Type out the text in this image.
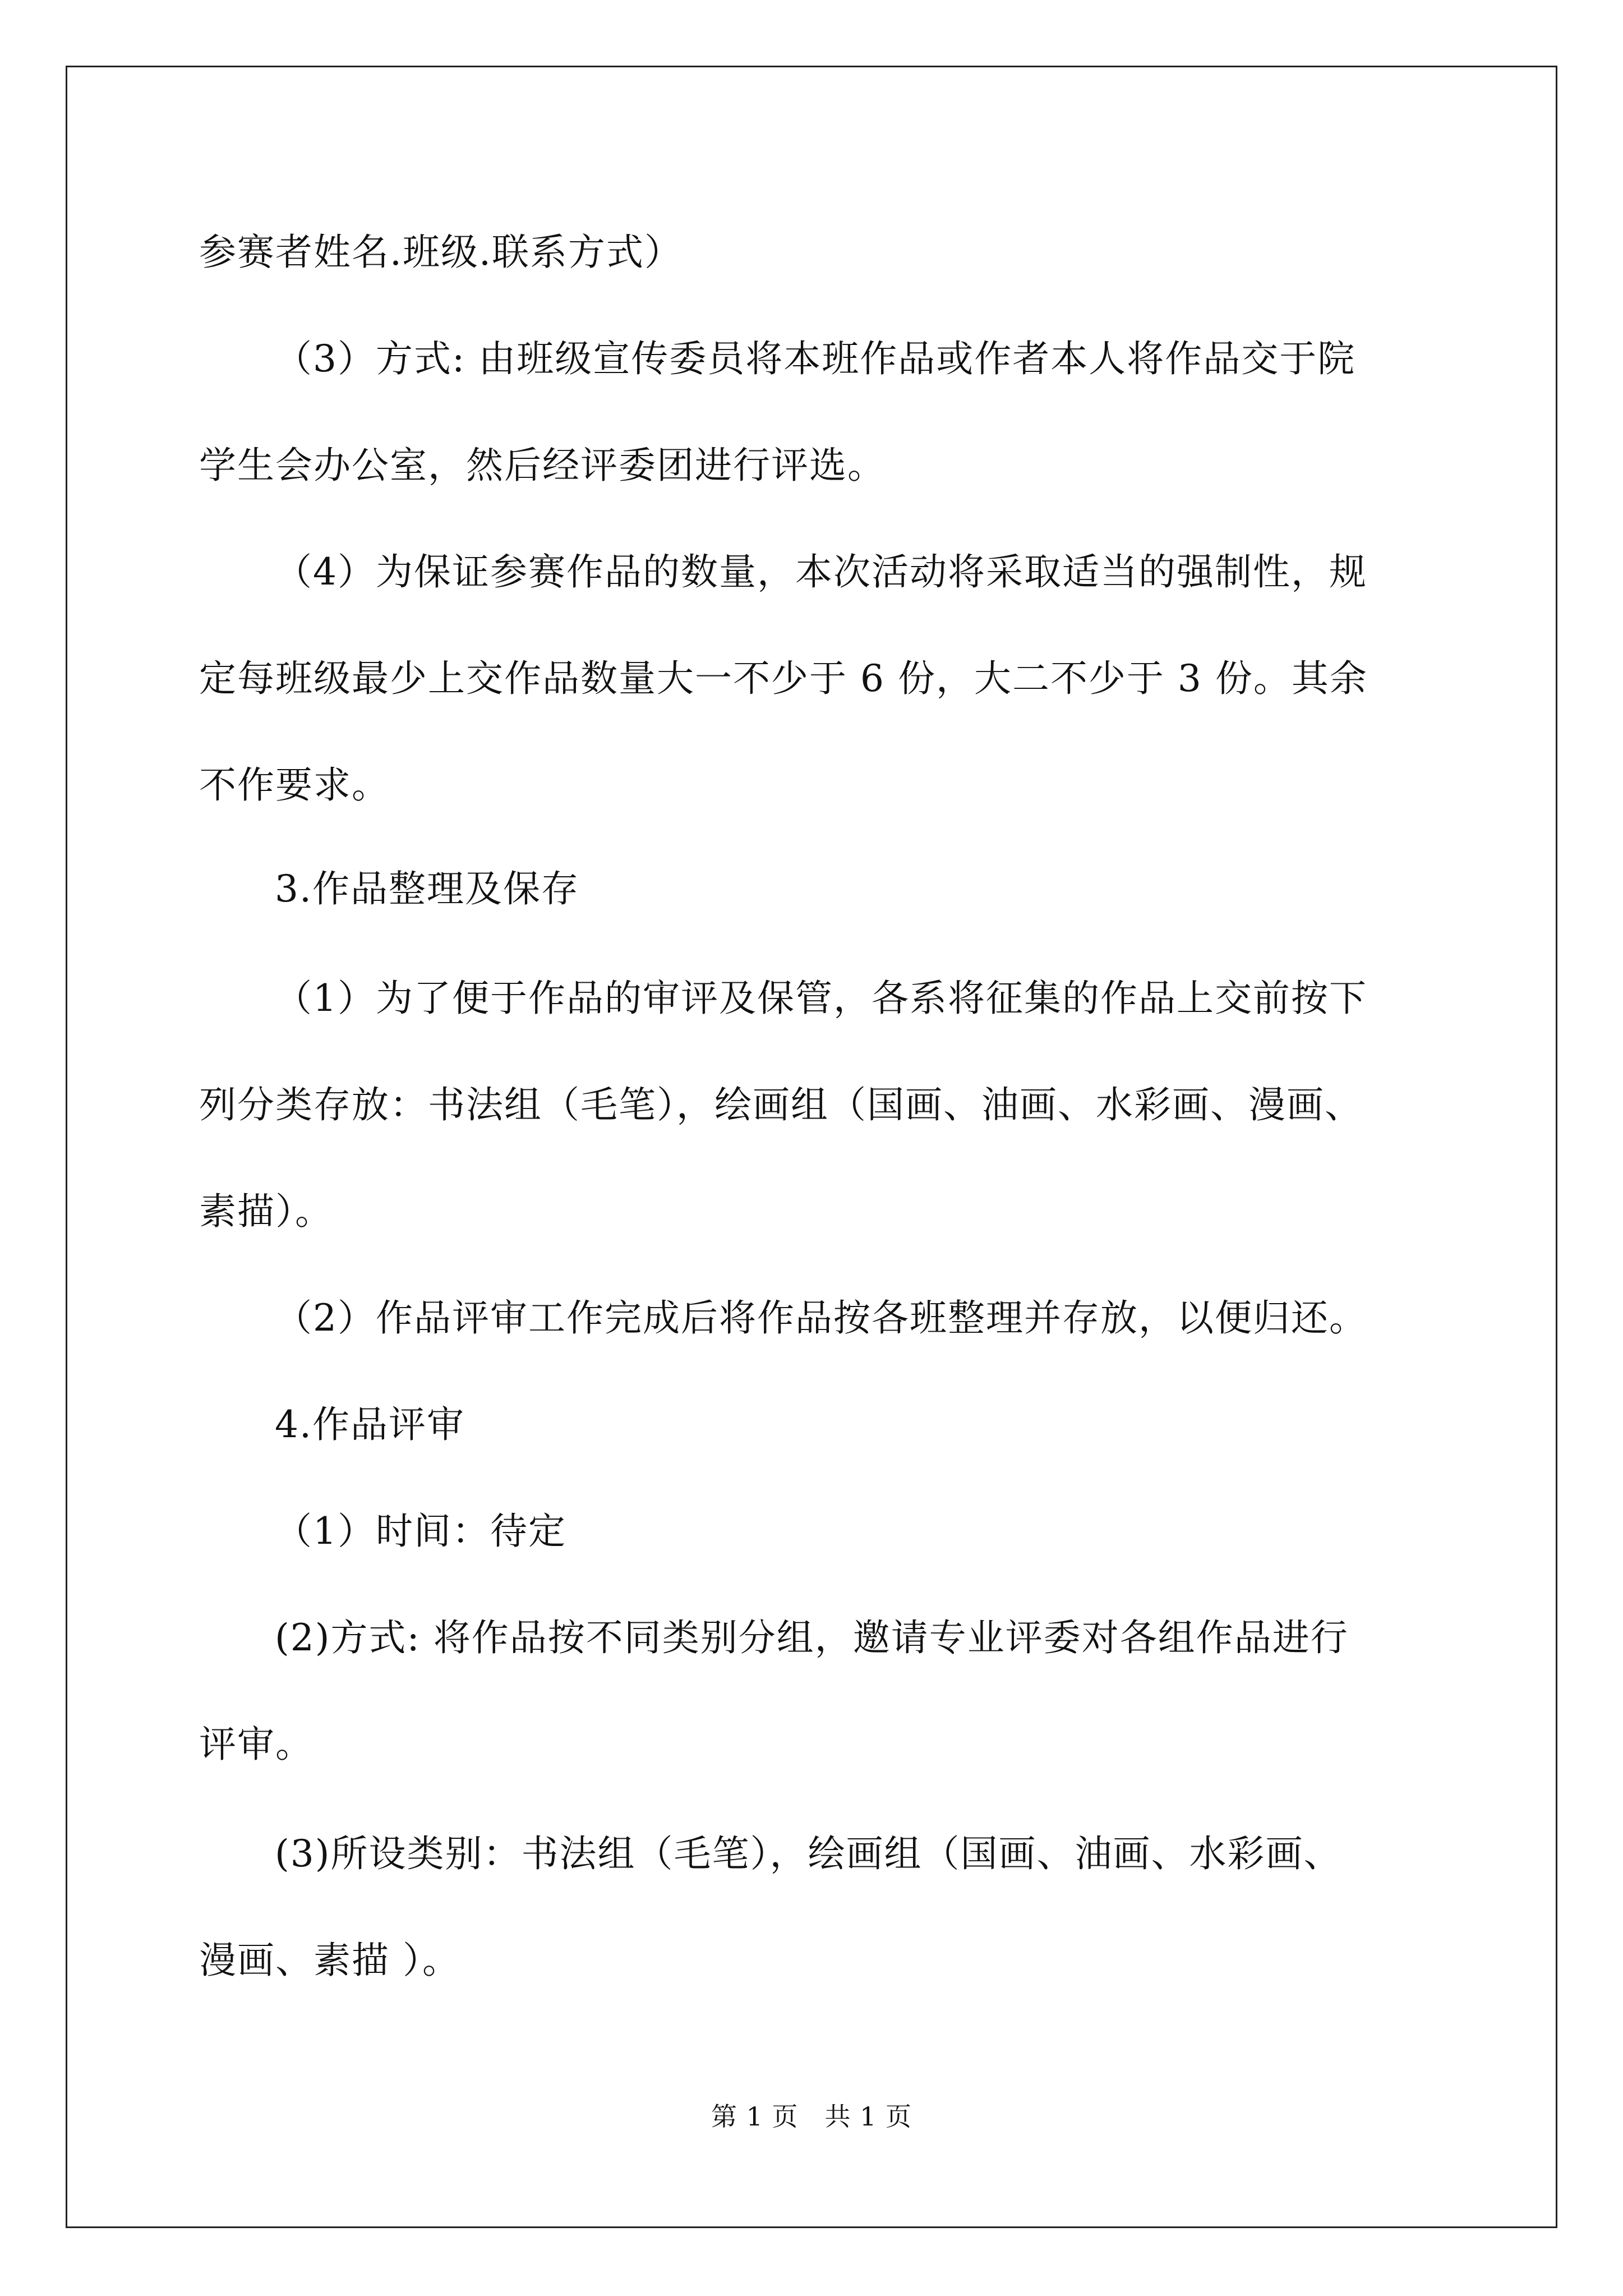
参赛者姓名.班级.联系方式）
（3）方式: 由班级宣传委员将本班作品或作者本人将作品交于院
学生会办公室，然后经评委团进行评选。
（4）为保证参赛作品的数量，本次活动将采取适当的强制性，规
定每班级最少上交作品数量大一不少于 6 份，大二不少于 3 份。其余
不作要求。
3.作品整理及保存
（1）为了便于作品的审评及保管，各系将征集的作品上交前按下
列分类存放：书法组（毛笔），绘画组（国画、油画、水彩画、漫画、
素描）。
（2）作品评审工作完成后将作品按各班整理并存放，以便归还。
4.作品评审
（1）时间：待定
(2)方式: 将作品按不同类别分组，邀请专业评委对各组作品进行
评审。
(3)所设类别：书法组（毛笔），绘画组（国画、油画、水彩画、
漫画、素描 ）。
第 1 页　共 1 页
